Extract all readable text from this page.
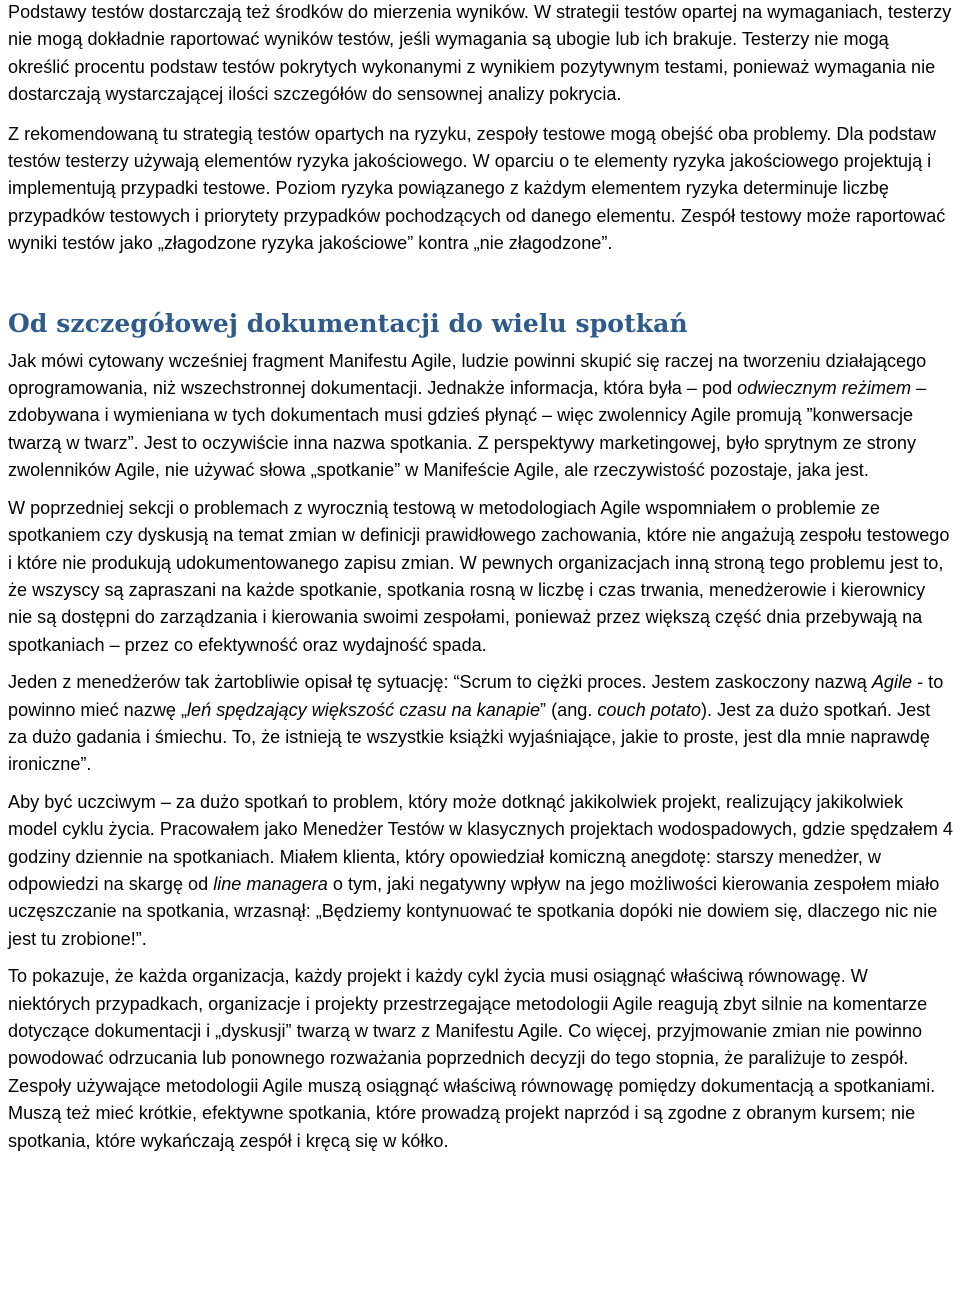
Podstawy testów dostarczają też środków do mierzenia wyników. W strategii testów opartej na wymaganiach, testerzy nie mogą dokładnie raportować wyników testów, jeśli wymagania są ubogie lub ich brakuje. Testerzy nie mogą określić procentu podstaw testów pokrytych wykonanymi z wynikiem pozytywnym testami, ponieważ wymagania nie dostarczają wystarczającej ilości szczegółów do sensownej analizy pokrycia.

Z rekomendowaną tu strategią testów opartych na ryzyku, zespoły testowe mogą obejść oba problemy. Dla podstaw testów testerzy używają elementów ryzyka jakościowego. W oparciu o te elementy ryzyka jakościowego projektują i implementują przypadki testowe. Poziom ryzyka powiązanego z każdym elementem ryzyka determinuje liczbę przypadków testowych i priorytety przypadków pochodzących od danego elementu. Zespół testowy może raportować wyniki testów jako „złagodzone ryzyka jakościowe” kontra „nie złagodzone”.

Od szczegółowej dokumentacji do wielu spotkań

Jak mówi cytowany wcześniej fragment Manifestu Agile, ludzie powinni skupić się raczej na tworzeniu działającego oprogramowania, niż wszechstronnej dokumentacji. Jednakże informacja, która była – pod odwiecznym reżimem – zdobywana i wymieniana w tych dokumentach musi gdzieś płynąć – więc zwolennicy Agile promują ”konwersacje twarzą w twarz”. Jest to oczywiście inna nazwa spotkania. Z perspektywy marketingowej, było sprytnym ze strony zwolenników Agile, nie używać słowa „spotkanie” w Manifeście Agile, ale rzeczywistość pozostaje, jaka jest.

W poprzedniej sekcji o problemach z wyrocznią testową w metodologiach Agile wspomniałem o problemie ze spotkaniem czy dyskusją na temat zmian w definicji prawidłowego zachowania, które nie angażują zespołu testowego i które nie produkują udokumentowanego zapisu zmian. W pewnych organizacjach inną stroną tego problemu jest to, że wszyscy są zapraszani na każde spotkanie, spotkania rosną w liczbę i czas trwania, menedżerowie i kierownicy nie są dostępni do zarządzania i kierowania swoimi zespołami, ponieważ przez większą część dnia przebywają na spotkaniach – przez co efektywność oraz wydajność spada.

Jeden z menedżerów tak żartobliwie opisał tę sytuację: “Scrum to ciężki proces. Jestem zaskoczony nazwą Agile - to powinno mieć nazwę „leń spędzający większość czasu na kanapie” (ang. couch potato). Jest za dużo spotkań. Jest za dużo gadania i śmiechu. To, że istnieją te wszystkie książki wyjaśniające, jakie to proste, jest dla mnie naprawdę ironiczne”.

Aby być uczciwym – za dużo spotkań to problem, który może dotknąć jakikolwiek projekt, realizujący jakikolwiek model cyklu życia. Pracowałem jako Menedżer Testów w klasycznych projektach wodospadowych, gdzie spędzałem 4 godziny dziennie na spotkaniach. Miałem klienta, który opowiedział komiczną anegdotę: starszy menedżer, w odpowiedzi na skargę od line managera o tym, jaki negatywny wpływ na jego możliwości kierowania zespołem miało uczęszczanie na spotkania, wrzasnął: „Będziemy kontynuować te spotkania dopóki nie dowiem się, dlaczego nic nie jest tu zrobione!”.

To pokazuje, że każda organizacja, każdy projekt i każdy cykl życia musi osiągnąć właściwą równowagę. W niektórych przypadkach, organizacje i projekty przestrzegające metodologii Agile reagują zbyt silnie na komentarze dotyczące dokumentacji i „dyskusji” twarzą w twarz z Manifestu Agile. Co więcej, przyjmowanie zmian nie powinno powodować odrzucania lub ponownego rozważania poprzednich decyzji do tego stopnia, że paraliżuje to zespół. Zespoły używające metodologii Agile muszą osiągnąć właściwą równowagę pomiędzy dokumentacją a spotkaniami. Muszą też mieć krótkie, efektywne spotkania, które prowadzą projekt naprzód i są zgodne z obranym kursem; nie spotkania, które wykańczają zespół i kręcą się w kółko.
